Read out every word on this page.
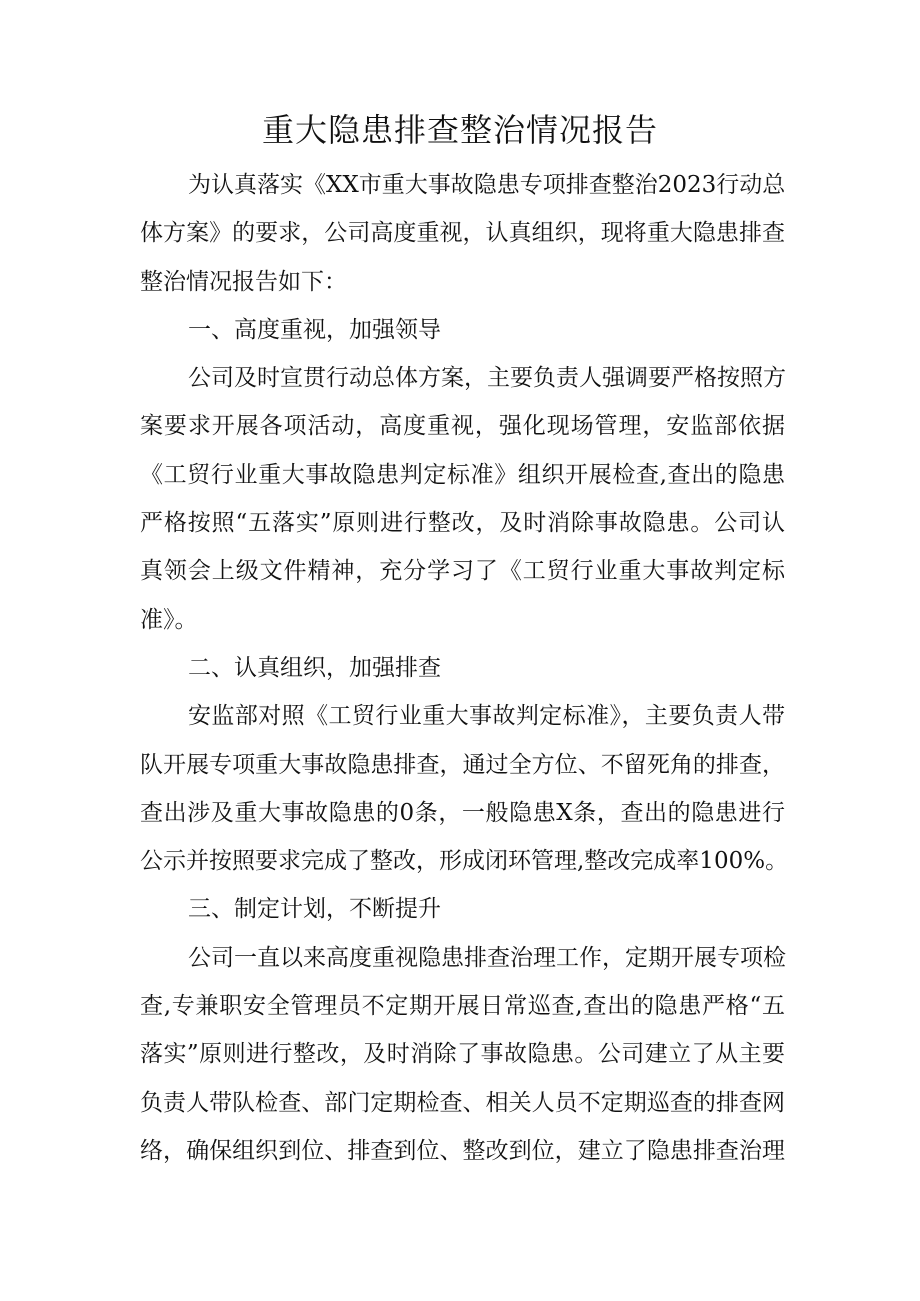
重大隐患排查整治情况报告
为认真落实《XX市重大事故隐患专项排查整治2023行动总
体方案》的要求，公司高度重视，认真组织，现将重大隐患排查
整治情况报告如下：
一、高度重视，加强领导
公司及时宣贯行动总体方案，主要负责人强调要严格按照方
案要求开展各项活动，高度重视，强化现场管理，安监部依据
《工贸行业重大事故隐患判定标准》组织开展检查,查出的隐患
严格按照“五落实”原则进行整改，及时消除事故隐患。公司认
真领会上级文件精神，充分学习了《工贸行业重大事故判定标
准》。
二、认真组织，加强排查
安监部对照《工贸行业重大事故判定标准》，主要负责人带
队开展专项重大事故隐患排查，通过全方位、不留死角的排查，
查出涉及重大事故隐患的0条，一般隐患X条，查出的隐患进行
公示并按照要求完成了整改，形成闭环管理,整改完成率100%。
三、制定计划，不断提升
公司一直以来高度重视隐患排查治理工作，定期开展专项检
查,专兼职安全管理员不定期开展日常巡查,查出的隐患严格“五
落实”原则进行整改，及时消除了事故隐患。公司建立了从主要
负责人带队检查、部门定期检查、相关人员不定期巡查的排查网
络，确保组织到位、排查到位、整改到位，建立了隐患排查治理
